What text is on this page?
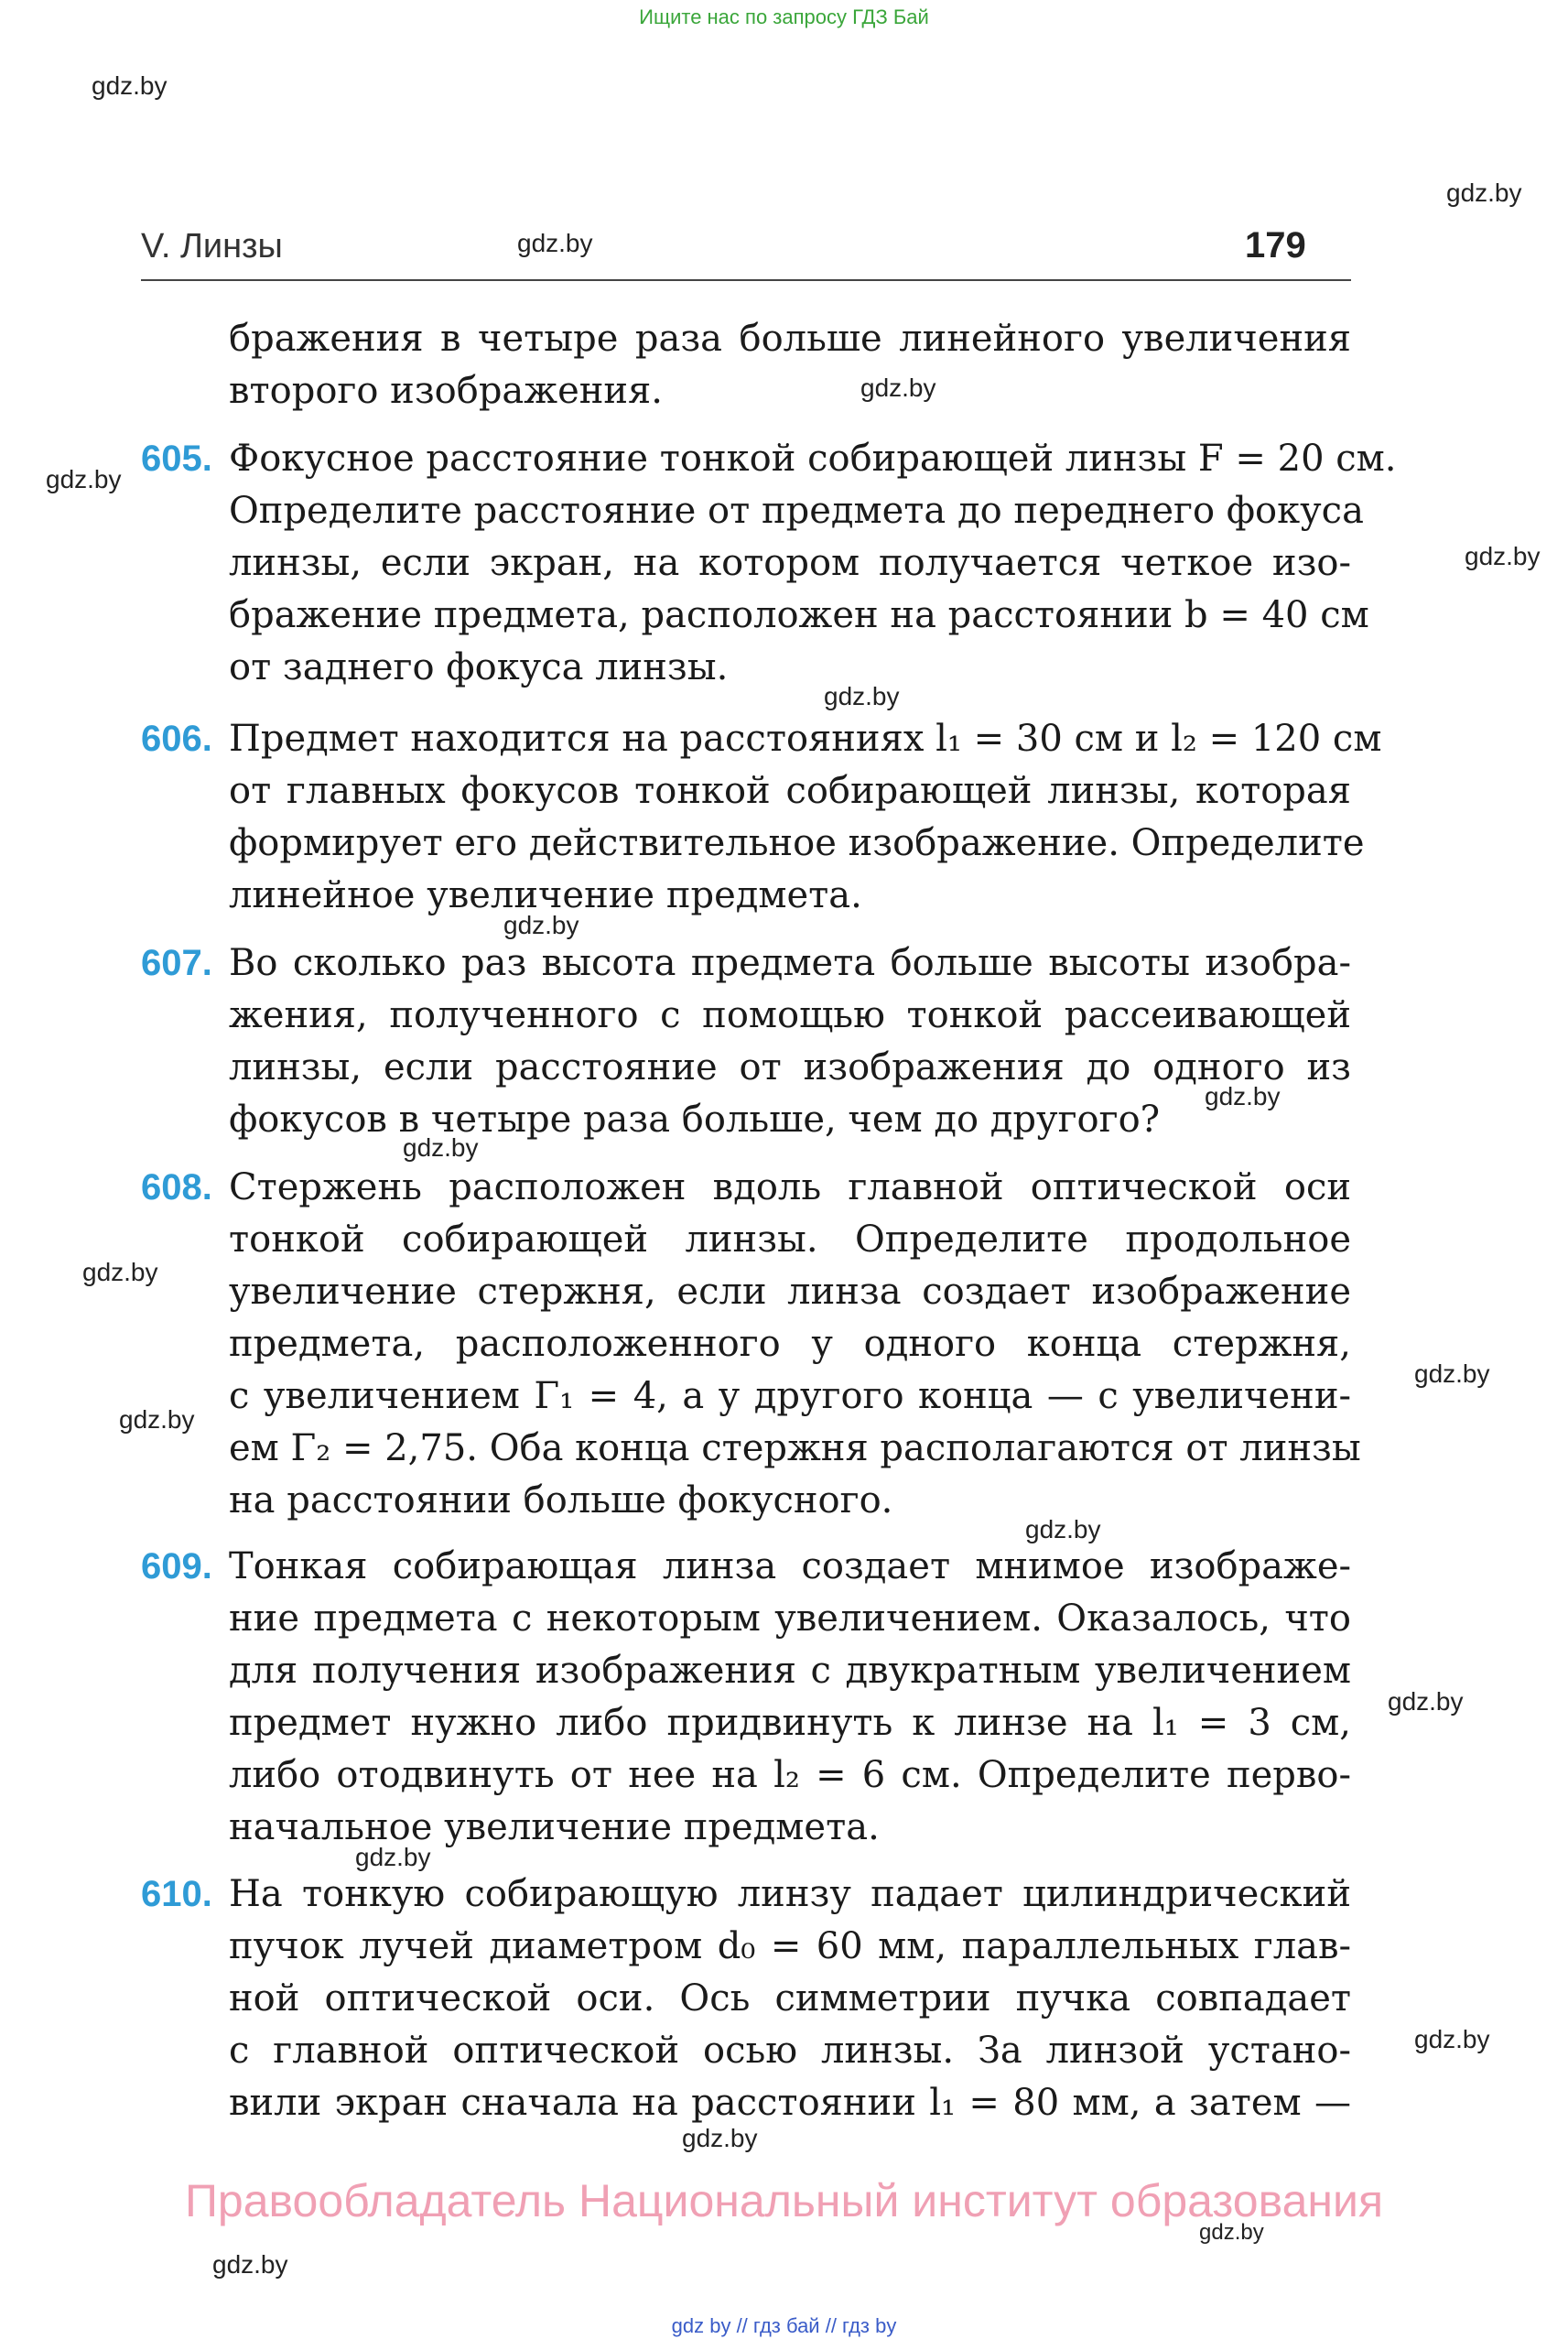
Ищите нас по запросу ГДЗ Бай
gdz.by
gdz.by
gdz.by
gdz.by
gdz.by
gdz.by
gdz.by
gdz.by
gdz.by
gdz.by
gdz.by
gdz.by
gdz.by
gdz.by
gdz.by
gdz.by
gdz.by
gdz.by
gdz.by
gdz.by
V. Линзы	179
бражения в четыре раза больше линейного увеличения
второго изображения.
605. Фокусное расстояние тонкой собирающей линзы F = 20 см.
Определите расстояние от предмета до переднего фокуса
линзы, если экран, на котором получается четкое изо-
бражение предмета, расположен на расстоянии b = 40 см
от заднего фокуса линзы.
606. Предмет находится на расстояниях l₁ = 30 см и l₂ = 120 см
от главных фокусов тонкой собирающей линзы, которая
формирует его действительное изображение. Определите
линейное увеличение предмета.
607. Во сколько раз высота предмета больше высоты изобра-
жения, полученного с помощью тонкой рассеивающей
линзы, если расстояние от изображения до одного из
фокусов в четыре раза больше, чем до другого?
608. Стержень расположен вдоль главной оптической оси
тонкой собирающей линзы. Определите продольное
увеличение стержня, если линза создает изображение
предмета, расположенного у одного конца стержня,
с увеличением Γ₁ = 4, а у другого конца — с увеличени-
ем Γ₂ = 2,75. Оба конца стержня располагаются от линзы
на расстоянии больше фокусного.
609. Тонкая собирающая линза создает мнимое изображе-
ние предмета с некоторым увеличением. Оказалось, что
для получения изображения с двукратным увеличением
предмет нужно либо придвинуть к линзе на l₁ = 3 см,
либо отодвинуть от нее на l₂ = 6 см. Определите перво-
начальное увеличение предмета.
610. На тонкую собирающую линзу падает цилиндрический
пучок лучей диаметром d₀ = 60 мм, параллельных глав-
ной оптической оси. Ось симметрии пучка совпадает
с главной оптической осью линзы. За линзой устано-
вили экран сначала на расстоянии l₁ = 80 мм, а затем —
Правообладатель Национальный институт образования
gdz by // гдз бай // гдз by
